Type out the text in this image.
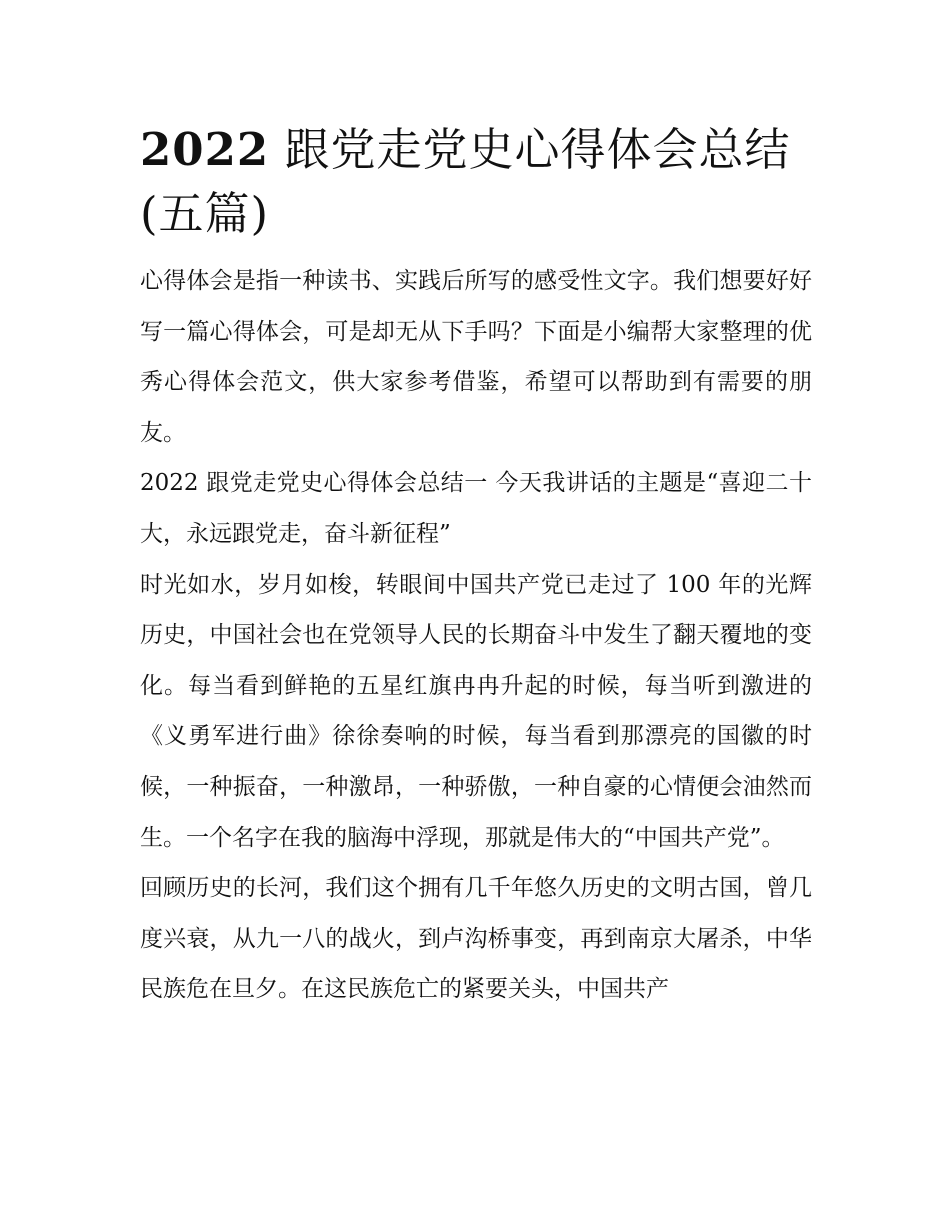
2022 跟党走党史心得体会总结(五篇)

心得体会是指一种读书、实践后所写的感受性文字。我们想要好好写一篇心得体会，可是却无从下手吗？下面是小编帮大家整理的优秀心得体会范文，供大家参考借鉴，希望可以帮助到有需要的朋友。

2022 跟党走党史心得体会总结一 今天我讲话的主题是“喜迎二十大，永远跟党走，奋斗新征程”

时光如水，岁月如梭，转眼间中国共产党已走过了 100 年的光辉历史，中国社会也在党领导人民的长期奋斗中发生了翻天覆地的变化。每当看到鲜艳的五星红旗冉冉升起的时候，每当听到激进的《义勇军进行曲》徐徐奏响的时候，每当看到那漂亮的国徽的时候，一种振奋，一种激昂，一种骄傲，一种自豪的心情便会油然而生。一个名字在我的脑海中浮现，那就是伟大的“中国共产党”。

回顾历史的长河，我们这个拥有几千年悠久历史的文明古国，曾几度兴衰，从九一八的战火，到卢沟桥事变，再到南京大屠杀，中华民族危在旦夕。在这民族危亡的紧要关头，中国共产
